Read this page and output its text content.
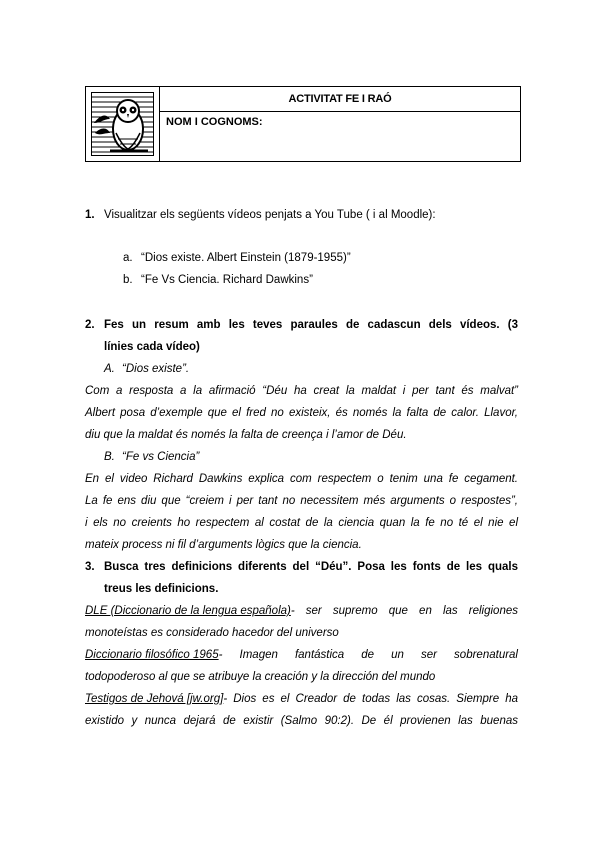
ACTIVITAT FE I RAÓ
NOM I COGNOMS:
1. Visualitzar els següents vídeos penjats a You Tube ( i al Moodle):
a. “Dios existe. Albert Einstein (1879-1955)”
b. “Fe Vs Ciencia. Richard Dawkins”
2. Fes un resum amb les teves paraules de cadascun dels vídeos. (3
línies cada vídeo)
A. “Dios existe”.
Com a resposta a la afirmació “Déu ha creat la maldat i per tant és malvat”
Albert posa d’exemple que el fred no existeix, és només la falta de calor. Llavor,
diu que la maldat és només la falta de creença i l’amor de Déu.
B. “Fe vs Ciencia”
En el video Richard Dawkins explica com respectem o tenim una fe cegament.
La fe ens diu que “creiem i per tant no necessitem més arguments o respostes”,
i els no creients ho respectem al costat de la ciencia quan la fe no té el nie el
mateix process ni fil d’arguments lògics que la ciencia.
3. Busca tres definicions diferents del “Déu”. Posa les fonts de les quals
treus les definicions.
DLE (Diccionario de la lengua española) - ser supremo que en las religiones
monoteístas es considerado hacedor del universo
Diccionario filosófico 1965 - Imagen fantástica de un ser sobrenatural
todopoderoso al que se atribuye la creación y la dirección del mundo
Testigos de Jehová [jw.org] - Dios es el Creador de todas las cosas. Siempre ha
existido y nunca dejará de existir (Salmo 90:2). De él provienen las buenas
